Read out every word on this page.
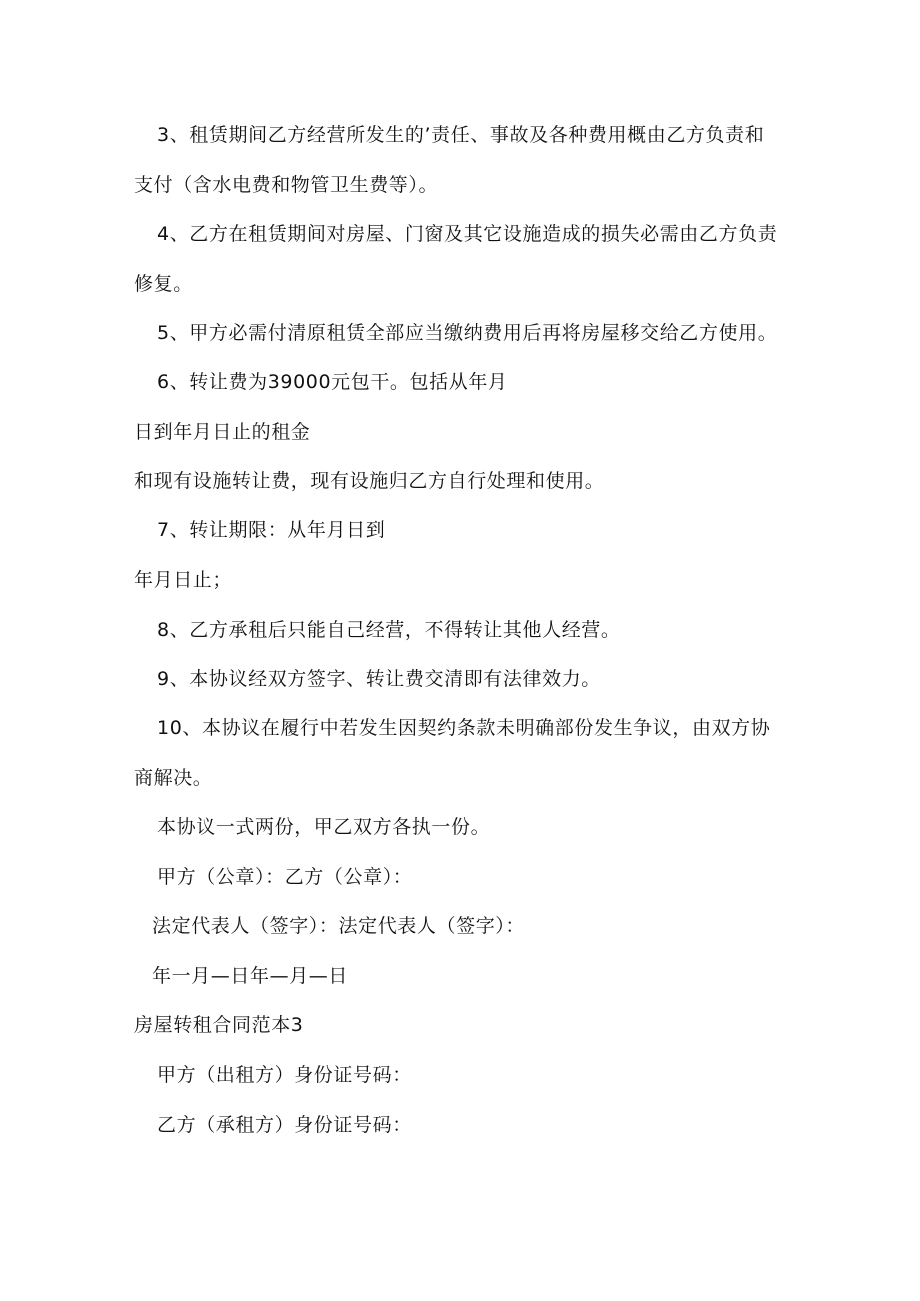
3、租赁期间乙方经营所发生的’责任、事故及各种费用概由乙方负责和
支付（含水电费和物管卫生费等）。
4、乙方在租赁期间对房屋、门窗及其它设施造成的损失必需由乙方负责
修复。
5、甲方必需付清原租赁全部应当缴纳费用后再将房屋移交给乙方使用。
6、转让费为39000元包干。包括从年月
日到年月日止的租金
和现有设施转让费，现有设施归乙方自行处理和使用。
7、转让期限：从年月日到
年月日止；
8、乙方承租后只能自己经营，不得转让其他人经营。
9、本协议经双方签字、转让费交清即有法律效力。
10、本协议在履行中若发生因契约条款未明确部份发生争议，由双方协
商解决。
本协议一式两份，甲乙双方各执一份。
甲方（公章）：乙方（公章）：
法定代表人（签字）：法定代表人（签字）：
年一月—日年—月—日
房屋转租合同范本3
甲方（出租方）身份证号码：
乙方（承租方）身份证号码：
